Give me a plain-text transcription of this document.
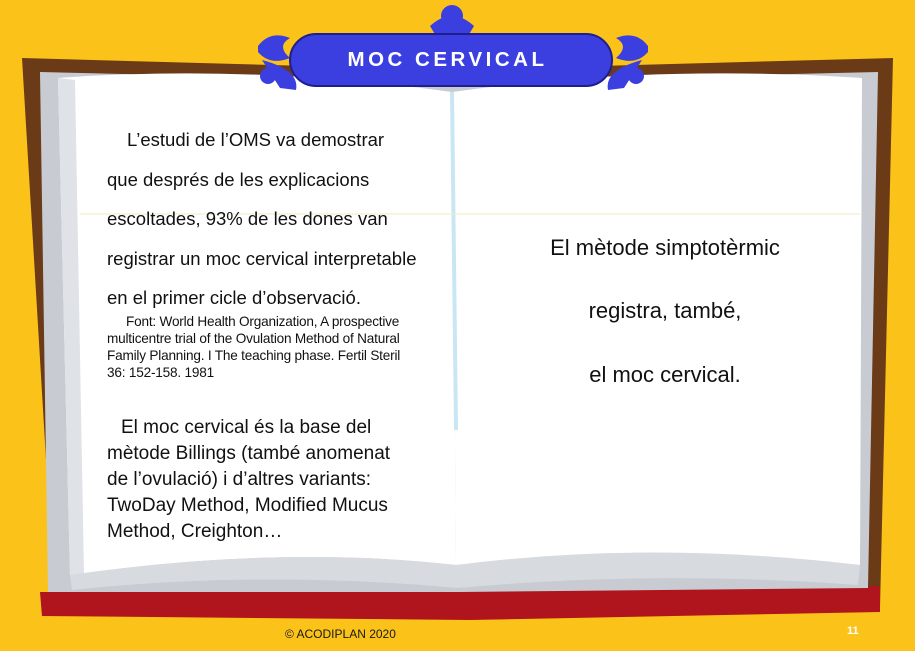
MOC CERVICAL
L’estudi de l’OMS va demostrar
que després de les explicacions
escoltades, 93% de les dones van
registrar un moc cervical interpretable
en el primer cicle d’observació.
Font: World Health Organization, A prospective
multicentre trial of the Ovulation Method of Natural
Family Planning. I The teaching phase. Fertil Steril
36: 152-158. 1981
El moc cervical és la base del
mètode Billings (també anomenat
de l’ovulació) i d’altres variants:
TwoDay Method, Modified Mucus
Method, Creighton…
El mètode simptotèrmic
registra, també,
el moc cervical.
© ACODIPLAN 2020	11
